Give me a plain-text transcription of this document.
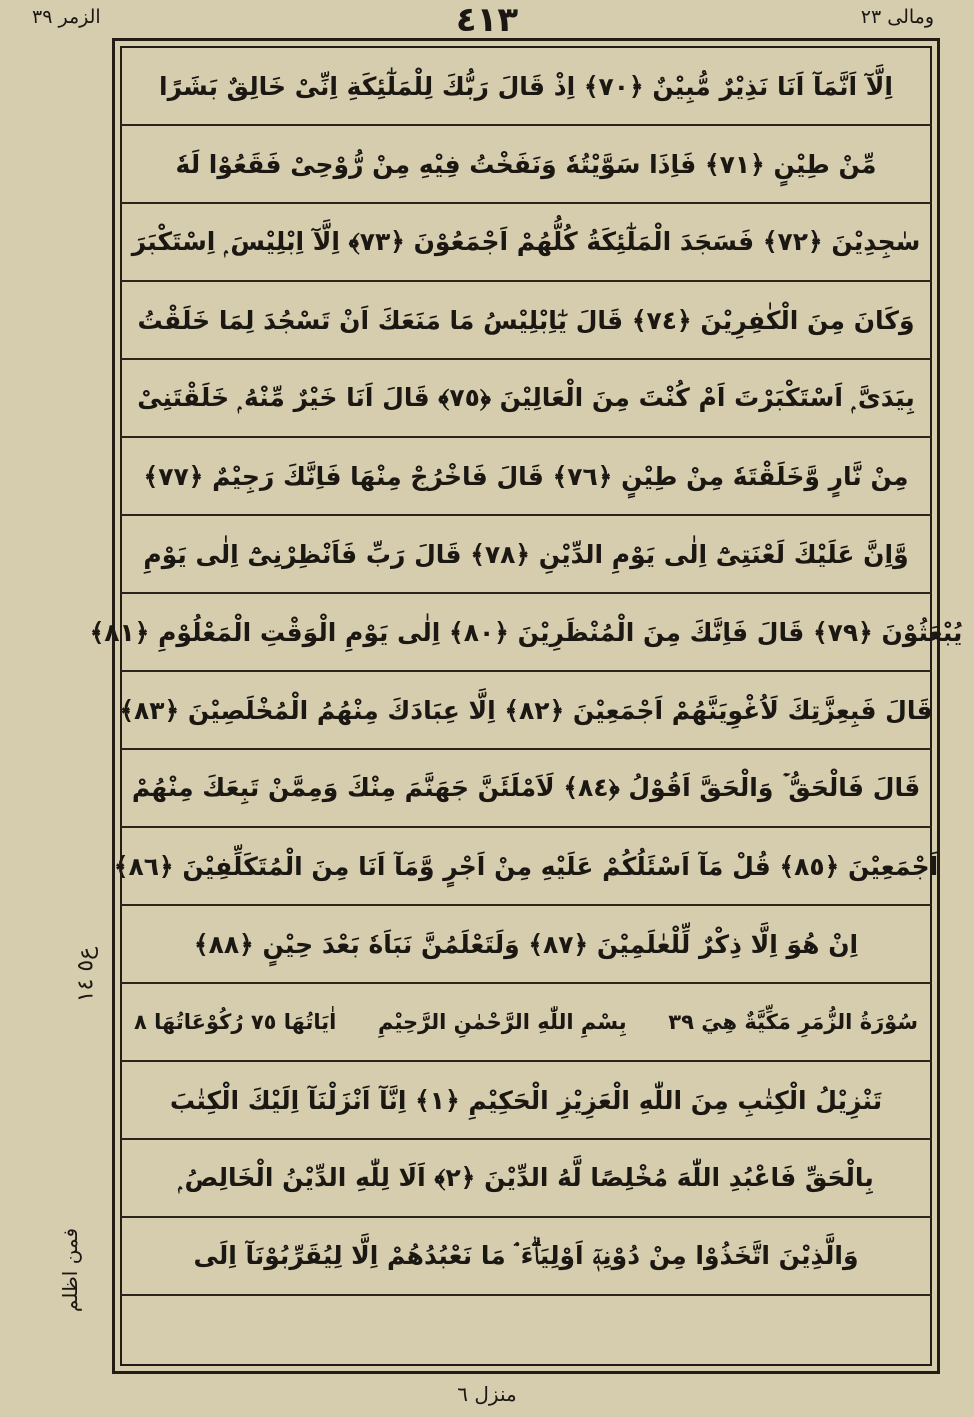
الزمر ٣٩	٤١٣	ومالی ٢٣
اِلَّآ اَنَّمَآ اَنَا نَذِيْرٌ مُّبِيْنٌ ﴿٧٠﴾ اِذْ قَالَ رَبُّكَ لِلْمَلٰٓئِكَةِ اِنِّىْ خَالِقٌ بَشَرًا
مِّنْ طِيْنٍ ﴿٧١﴾ فَاِذَا سَوَّيْتُهٗ وَنَفَخْتُ فِيْهِ مِنْ رُّوْحِىْ فَقَعُوْا لَهٗ
سٰجِدِيْنَ ﴿٧٢﴾ فَسَجَدَ الْمَلٰٓئِكَةُ كُلُّهُمْ اَجْمَعُوْنَ ﴿٧٣﴾ اِلَّآ اِبْلِيْسَ ۭ اِسْتَكْبَرَ
وَكَانَ مِنَ الْكٰفِرِيْنَ ﴿٧٤﴾ قَالَ يٰٓاِبْلِيْسُ مَا مَنَعَكَ اَنْ تَسْجُدَ لِمَا خَلَقْتُ
بِيَدَىَّ ۭ اَسْتَكْبَرْتَ اَمْ كُنْتَ مِنَ الْعَالِيْنَ ﴿٧٥﴾ قَالَ اَنَا خَيْرٌ مِّنْهُ ۭ خَلَقْتَنِىْ
مِنْ نَّارٍ وَّخَلَقْتَهٗ مِنْ طِيْنٍ ﴿٧٦﴾ قَالَ فَاخْرُجْ مِنْهَا فَاِنَّكَ رَجِيْمٌ ﴿٧٧﴾
وَّاِنَّ عَلَيْكَ لَعْنَتِىْٓ اِلٰى يَوْمِ الدِّيْنِ ﴿٧٨﴾ قَالَ رَبِّ فَاَنْظِرْنِىْٓ اِلٰى يَوْمِ
يُبْعَثُوْنَ ﴿٧٩﴾ قَالَ فَاِنَّكَ مِنَ الْمُنْظَرِيْنَ ﴿٨٠﴾ اِلٰى يَوْمِ الْوَقْتِ الْمَعْلُوْمِ ﴿٨١﴾
قَالَ فَبِعِزَّتِكَ لَاُغْوِيَنَّهُمْ اَجْمَعِيْنَ ﴿٨٢﴾ اِلَّا عِبَادَكَ مِنْهُمُ الْمُخْلَصِيْنَ ﴿٨٣﴾
قَالَ فَالْحَقُّ ۡ وَالْحَقَّ اَقُوْلُ ﴿٨٤﴾ لَاَمْلَئَنَّ جَهَنَّمَ مِنْكَ وَمِمَّنْ تَبِعَكَ مِنْهُمْ
اَجْمَعِيْنَ ﴿٨٥﴾ قُلْ مَآ اَسْئَلُكُمْ عَلَيْهِ مِنْ اَجْرٍ وَّمَآ اَنَا مِنَ الْمُتَكَلِّفِيْنَ ﴿٨٦﴾
اِنْ هُوَ اِلَّا ذِكْرٌ لِّلْعٰلَمِيْنَ ﴿٨٧﴾ وَلَتَعْلَمُنَّ نَبَاَهٗ بَعْدَ حِيْنٍ ﴿٨٨﴾
سُوْرَةُ الزُّمَرِ مَكِّيَّةٌ هِيَ ٣٩
بِسْمِ اللّٰهِ الرَّحْمٰنِ الرَّحِيْمِ
اٰيَاتُهَا ٧٥ رُكُوْعَاتُهَا ٨
تَنْزِيْلُ الْكِتٰبِ مِنَ اللّٰهِ الْعَزِيْزِ الْحَكِيْمِ ﴿١﴾ اِنَّآ اَنْزَلْنَآ اِلَيْكَ الْكِتٰبَ
بِالْحَقِّ فَاعْبُدِ اللّٰهَ مُخْلِصًا لَّهُ الدِّيْنَ ﴿٢﴾ اَلَا لِلّٰهِ الدِّيْنُ الْخَالِصُ ۭ
وَالَّذِيْنَ اتَّخَذُوْا مِنْ دُوْنِهٖٓ اَوْلِيَاۗءَ ۘ مَا نَعْبُدُهُمْ اِلَّا لِيُقَرِّبُوْنَآ اِلَى
ع٥ ١٤
فمن اظلم
منزل ٦
